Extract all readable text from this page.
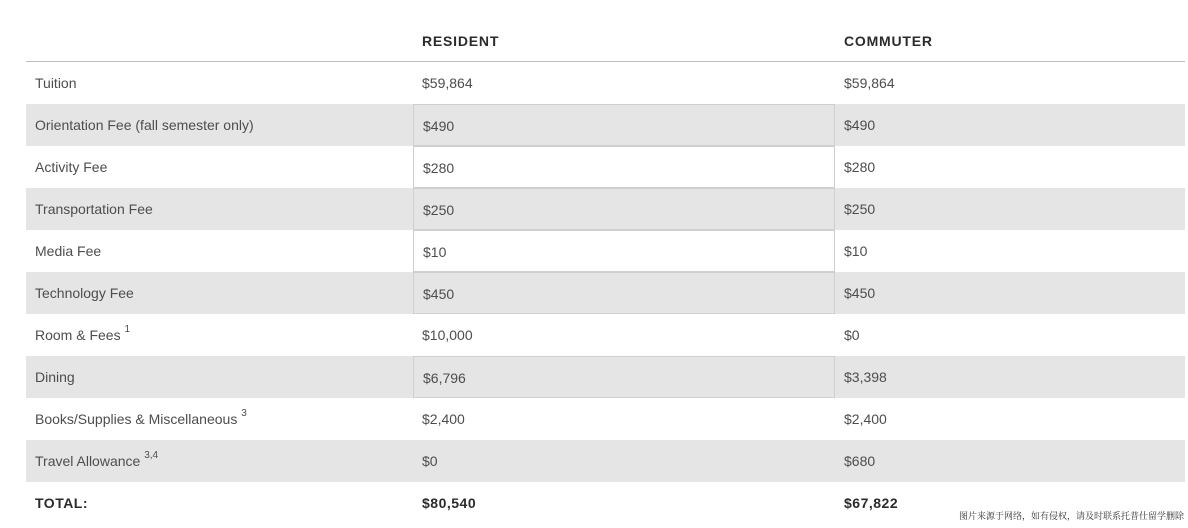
RESIDENT	COMMUTER
Tuition	$59,864	$59,864
Orientation Fee (fall semester only)	$490	$490
Activity Fee	$280	$280
Transportation Fee	$250	$250
Media Fee	$10	$10
Technology Fee	$450	$450
Room & Fees $^1$	$10,000	$0
Dining	$6,796	$3,398
Books/Supplies & Miscellaneous $^3$	$2,400	$2,400
Travel Allowance $^{3,4}$	$0	$680
TOTAL:	$80,540	$67,822
图片来源于网络，如有侵权，请及时联系托普仕留学删除
